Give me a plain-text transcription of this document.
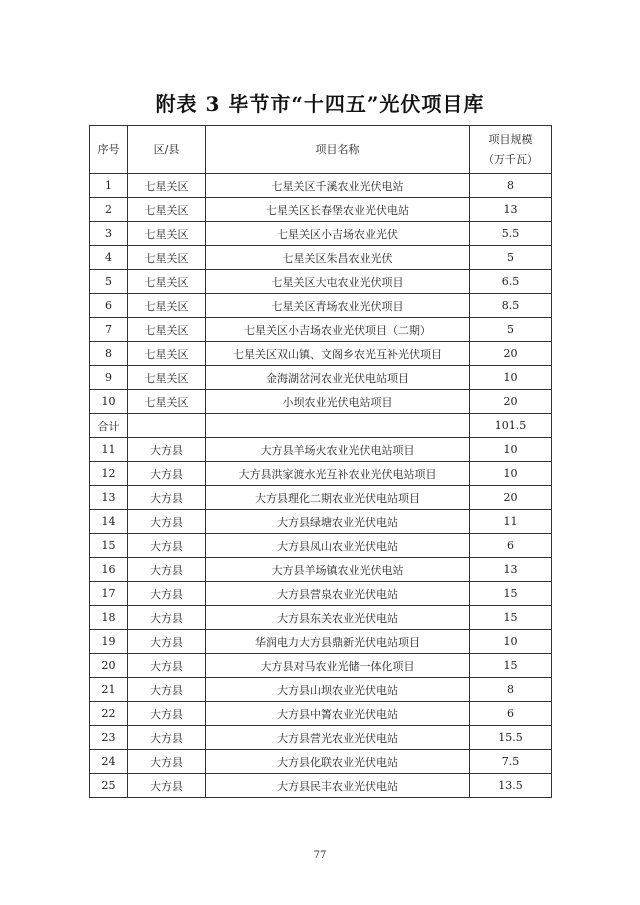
附表 3 毕节市“十四五”光伏项目库
序号	区/县	项目名称	项目规模
（万千瓦）

1	七星关区	七星关区千溪农业光伏电站	8
2	七星关区	七星关区长春堡农业光伏电站	13
3	七星关区	七星关区小吉场农业光伏	5.5
4	七星关区	七星关区朱昌农业光伏	5
5	七星关区	七星关区大屯农业光伏项目	6.5
6	七星关区	七星关区青场农业光伏项目	8.5
7	七星关区	七星关区小吉场农业光伏项目（二期）	5
8	七星关区	七星关区双山镇、文阁乡农光互补光伏项目	20
9	七星关区	金海湖岔河农业光伏电站项目	10
10	七星关区	小坝农业光伏电站项目	20
合计			101.5
11	大方县	大方县羊场火农业光伏电站项目	10
12	大方县	大方县洪家渡水光互补农业光伏电站项目	10
13	大方县	大方县理化二期农业光伏电站项目	20
14	大方县	大方县绿塘农业光伏电站	11
15	大方县	大方县凤山农业光伏电站	6
16	大方县	大方县羊场镇农业光伏电站	13
17	大方县	大方县营泉农业光伏电站	15
18	大方县	大方县东关农业光伏电站	15
19	大方县	华润电力大方县鼎新光伏电站项目	10
20	大方县	大方县对马农业光储一体化项目	15
21	大方县	大方县山坝农业光伏电站	8
22	大方县	大方县中箐农业光伏电站	6
23	大方县	大方县营光农业光伏电站	15.5
24	大方县	大方县化联农业光伏电站	7.5
25	大方县	大方县民丰农业光伏电站	13.5
77
